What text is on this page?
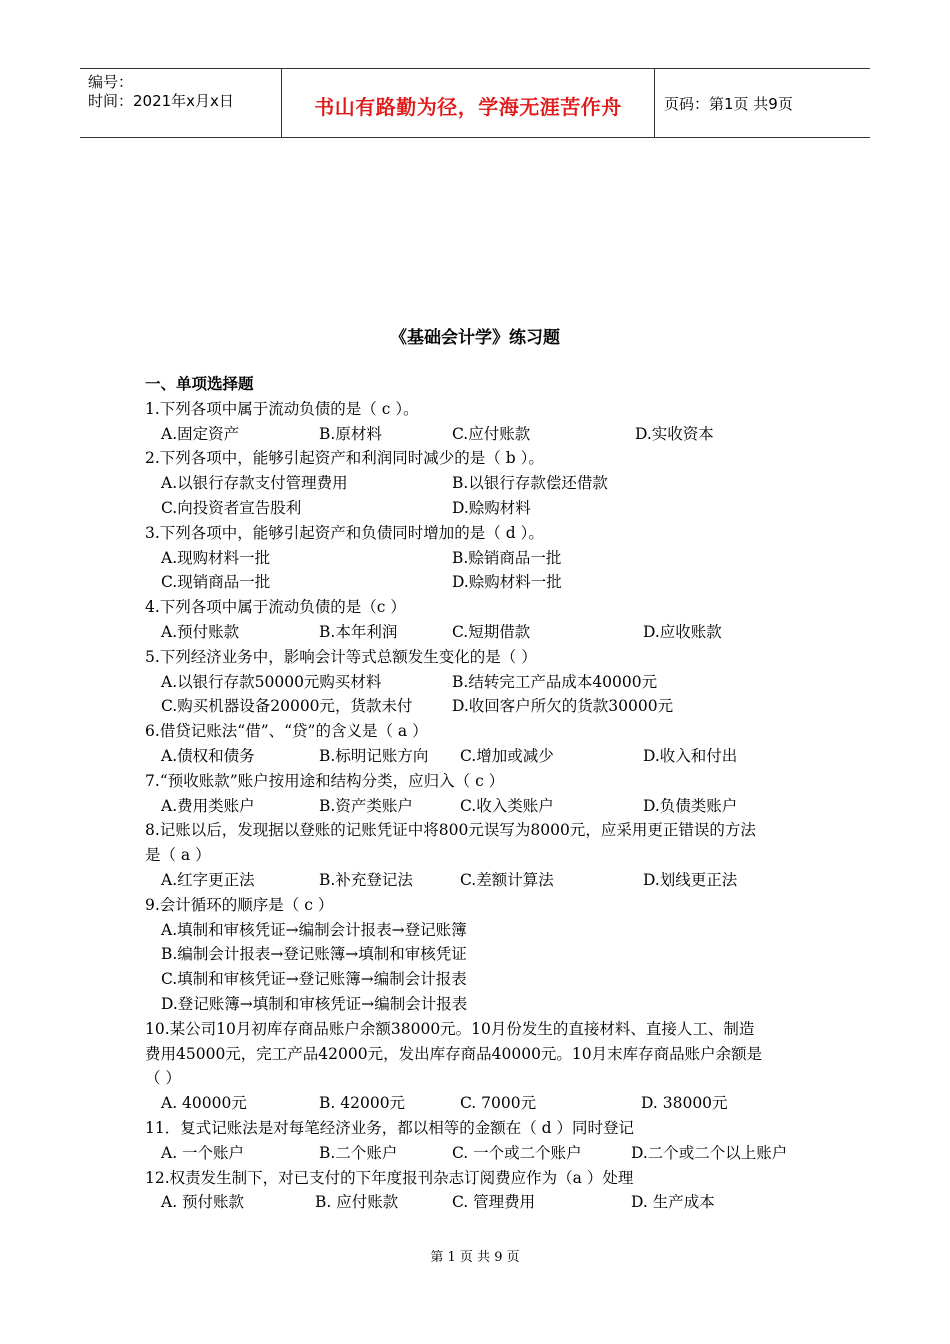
编号：
时间：2021年x月x日	书山有路勤为径，学海无涯苦作舟	页码：第1页 共9页
《基础会计学》练习题
一、单项选择题
1.下列各项中属于流动负债的是（ c ）。
A.固定资产	B.原材料	C.应付账款	D.实收资本
2.下列各项中，能够引起资产和利润同时减少的是（ b ）。
A.以银行存款支付管理费用	B.以银行存款偿还借款
C.向投资者宣告股利	D.赊购材料
3.下列各项中，能够引起资产和负债同时增加的是（ d ）。
A.现购材料一批	B.赊销商品一批
C.现销商品一批	D.赊购材料一批
4.下列各项中属于流动负债的是（c ）
A.预付账款	B.本年利润	C.短期借款	D.应收账款
5.下列经济业务中，影响会计等式总额发生变化的是（ ）
A.以银行存款50000元购买材料	B.结转完工产品成本40000元
C.购买机器设备20000元，货款未付	D.收回客户所欠的货款30000元
6.借贷记账法“借”、“贷”的含义是（ a ）
A.债权和债务	B.标明记账方向 C.增加或减少	D.收入和付出
7.“预收账款”账户按用途和结构分类，应归入（ c ）
A.费用类账户	B.资产类账户	C.收入类账户	D.负债类账户
8.记账以后，发现据以登账的记账凭证中将800元误写为8000元，应采用更正错误的方法
是（ a ）
A.红字更正法	B.补充登记法	C.差额计算法	D.划线更正法
9.会计循环的顺序是（ c ）
A.填制和审核凭证→编制会计报表→登记账簿
B.编制会计报表→登记账簿→填制和审核凭证
C.填制和审核凭证→登记账簿→编制会计报表
D.登记账簿→填制和审核凭证→编制会计报表
10.某公司10月初库存商品账户余额38000元。10月份发生的直接材料、直接人工、制造
费用45000元，完工产品42000元，发出库存商品40000元。10月末库存商品账户余额是
（ ）
A. 40000元	B. 42000元	C. 7000元	D. 38000元
11．复式记账法是对每笔经济业务，都以相等的金额在（ d ）同时登记
A. 一个账户	B.二个账户	C. 一个或二个账户	D.二个或二个以上账户
12.权责发生制下，对已支付的下年度报刊杂志订阅费应作为（a ）处理
A. 预付账款	B. 应付账款	C. 管理费用	D. 生产成本
第 1 页 共 9 页
